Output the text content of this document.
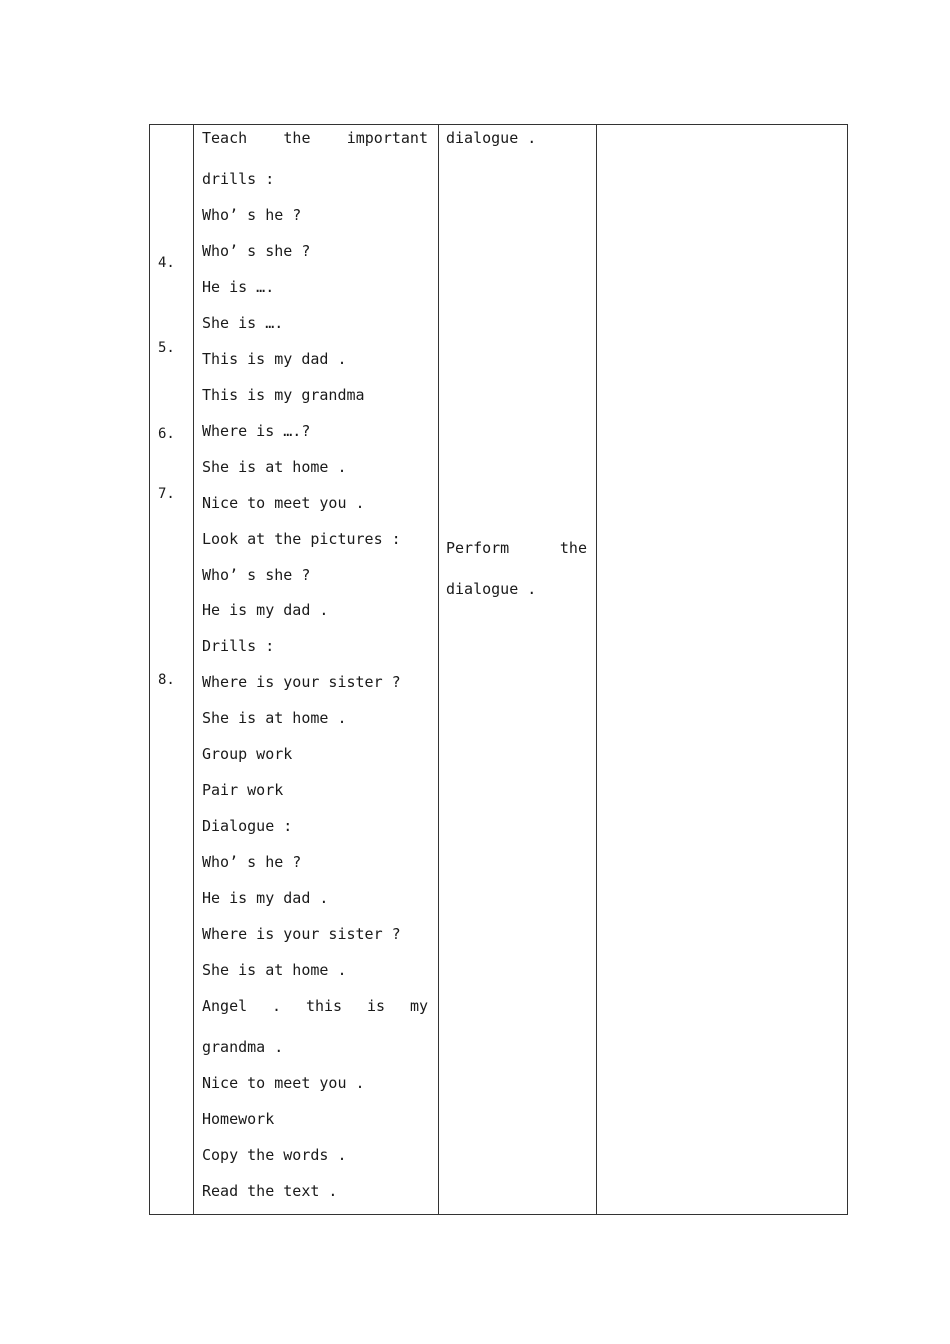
4.
5.
6.
7.
8.
Teach the important
drills :
Who’ s he ?
Who’ s she ?
He is ….
She is ….
This is my dad .
This is my grandma
Where is ….?
She is at home .
Nice to meet you .
Look at the pictures :
Who’ s she ?
He is my dad .
Drills :
Where is your sister ?
She is at home .
Group work
Pair work
Dialogue :
Who’ s he ?
He is my dad .
Where is your sister ?
She is at home .
Angel . this is my
grandma .
Nice to meet you .
Homework
Copy the words .
Read the text .
dialogue .
Perform	the
dialogue .
